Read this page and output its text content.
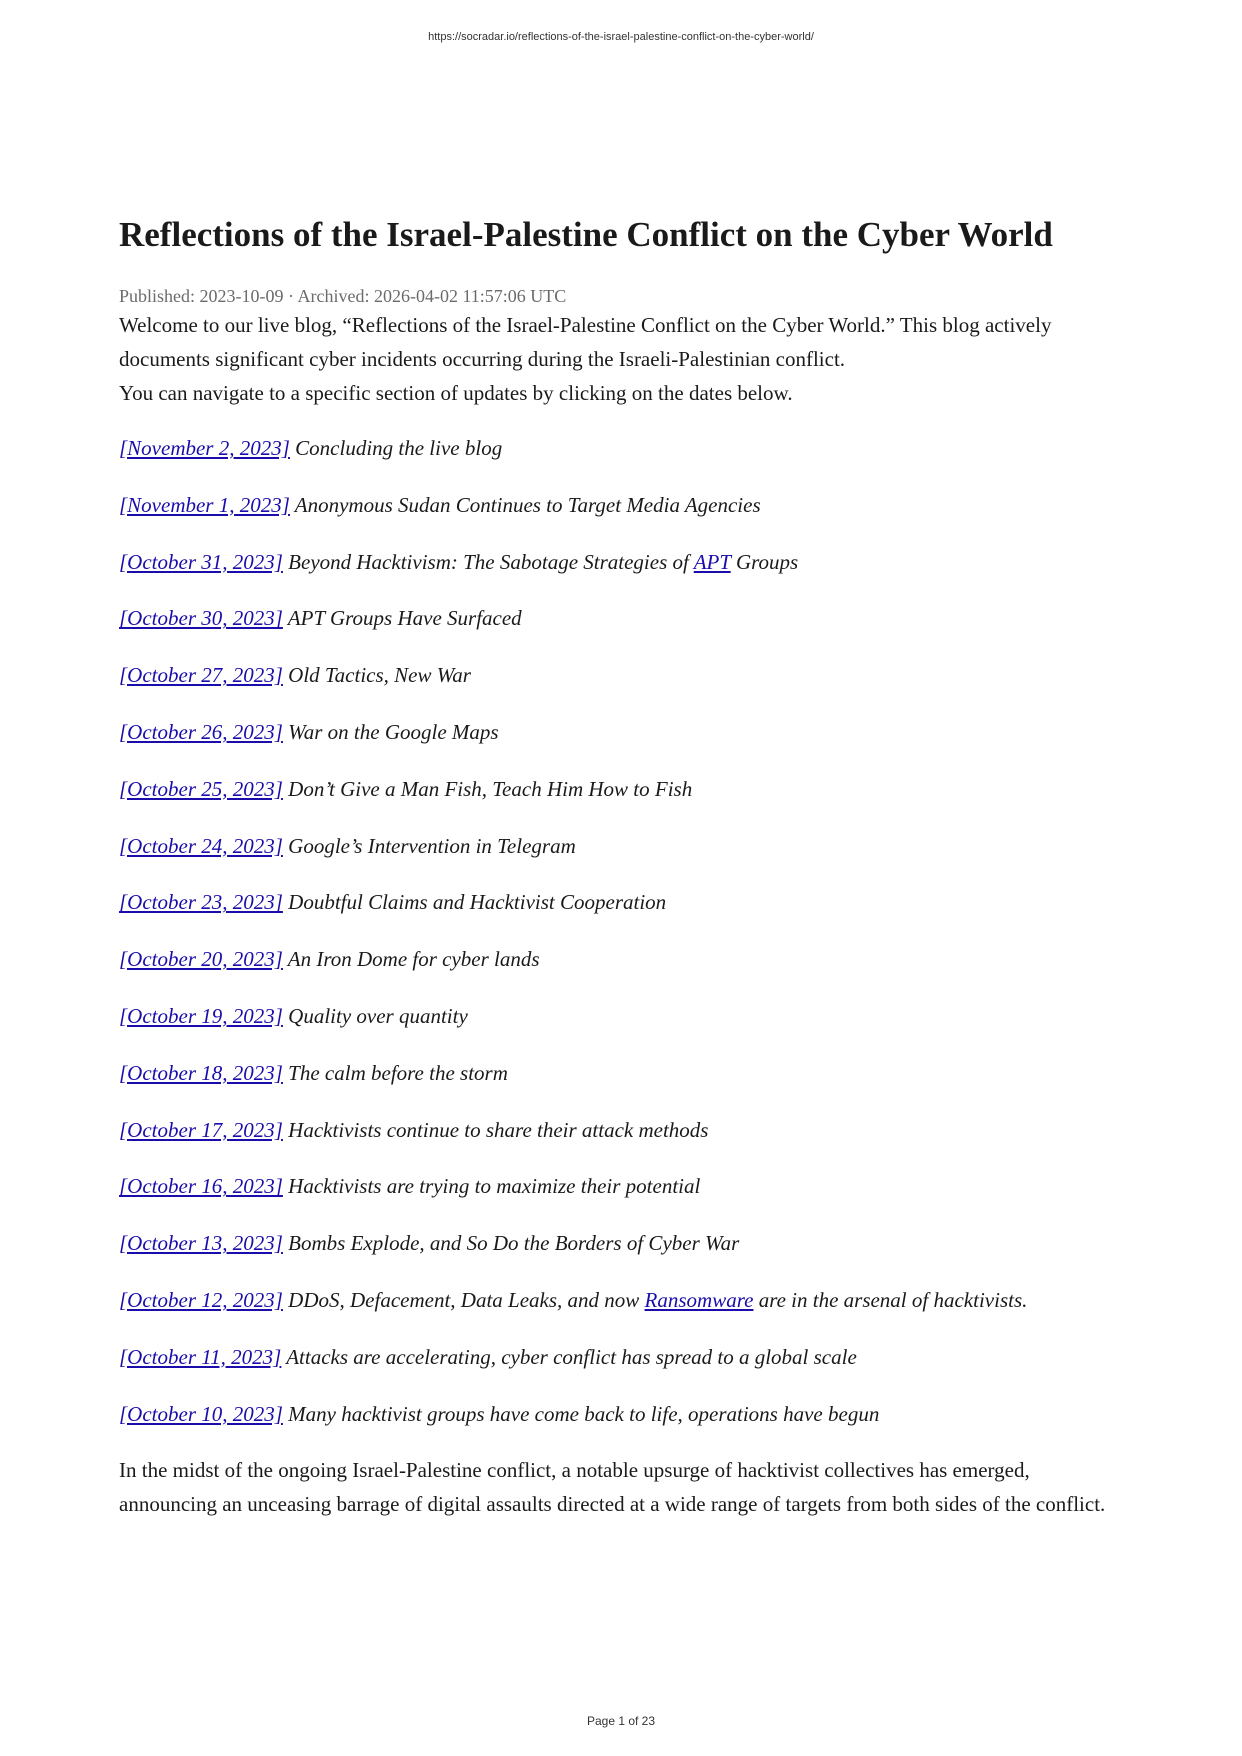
https://socradar.io/reflections-of-the-israel-palestine-conflict-on-the-cyber-world/
Reflections of the Israel-Palestine Conflict on the Cyber World
Published: 2023-10-09 · Archived: 2026-04-02 11:57:06 UTC

Welcome to our live blog, “Reflections of the Israel-Palestine Conflict on the Cyber World.” This blog actively documents significant cyber incidents occurring during the Israeli-Palestinian conflict.

You can navigate to a specific section of updates by clicking on the dates below.

[November 2, 2023] Concluding the live blog
[November 1, 2023] Anonymous Sudan Continues to Target Media Agencies
[October 31, 2023] Beyond Hacktivism: The Sabotage Strategies of APT Groups
[October 30, 2023] APT Groups Have Surfaced
[October 27, 2023] Old Tactics, New War
[October 26, 2023] War on the Google Maps
[October 25, 2023] Don’t Give a Man Fish, Teach Him How to Fish
[October 24, 2023] Google’s Intervention in Telegram
[October 23, 2023] Doubtful Claims and Hacktivist Cooperation
[October 20, 2023] An Iron Dome for cyber lands
[October 19, 2023] Quality over quantity
[October 18, 2023] The calm before the storm
[October 17, 2023] Hacktivists continue to share their attack methods
[October 16, 2023] Hacktivists are trying to maximize their potential
[October 13, 2023] Bombs Explode, and So Do the Borders of Cyber War
[October 12, 2023] DDoS, Defacement, Data Leaks, and now Ransomware are in the arsenal of hacktivists.
[October 11, 2023] Attacks are accelerating, cyber conflict has spread to a global scale
[October 10, 2023] Many hacktivist groups have come back to life, operations have begun

In the midst of the ongoing Israel-Palestine conflict, a notable upsurge of hacktivist collectives has emerged, announcing an unceasing barrage of digital assaults directed at a wide range of targets from both sides of the conflict.

Page 1 of 23
